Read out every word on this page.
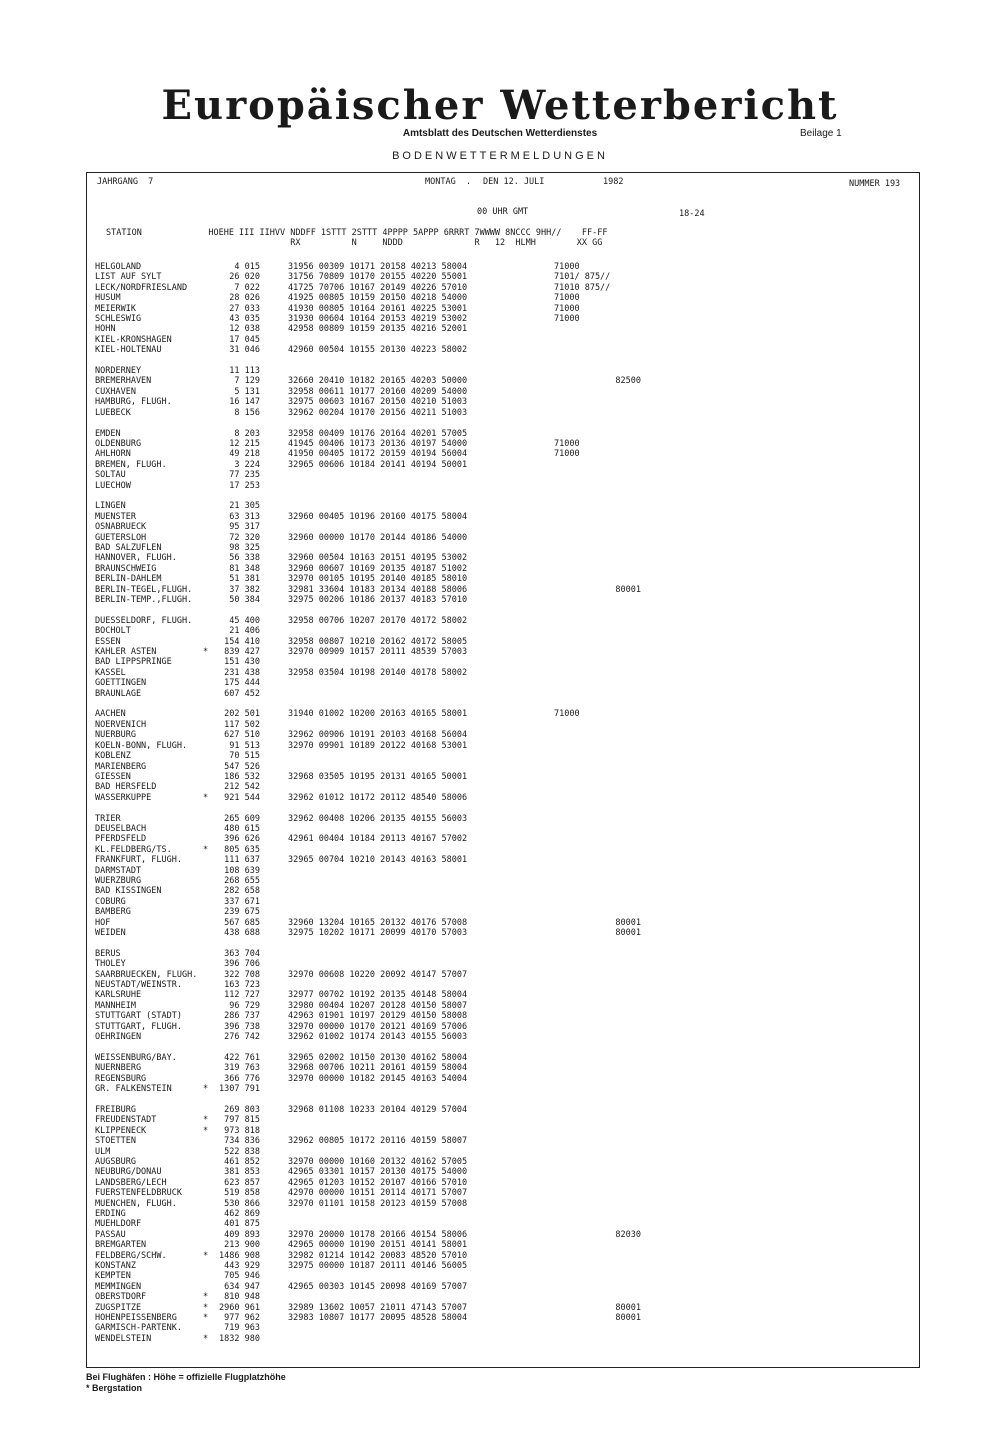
Europäischer Wetterbericht
Amtsblatt des Deutschen Wetterdienstes	Beilage 1
BODENWETTERMELDUNGEN
JAHRGANG  7	MONTAG  . DEN 12. JULI	1982	NUMMER 193
00 UHR GMT	18-24
STATION             HOEHE III IIHVV NDDFF 1STTT 2STTT 4PPPP 5APPP 6RRRT 7WWWW 8NCCC 9HH//    FF-FF
RX          N     NDDD              R   12  HLMH        XX GG
HELGOLAND	4 015	31956 00309 10171 20158 40213 58004	71000
LIST AUF SYLT	26 020	31756 70809 10170 20155 40220 55001	7101/ 875//
LECK/NORDFRIESLAND	7 022	41725 70706 10167 20149 40226 57010	71010 875//
HUSUM	28 026	41925 00805 10159 20150 40218 54000	71000
MEIERWIK	27 033	41930 00805 10164 20161 40225 53001	71000
SCHLESWIG	43 035	31930 00604 10164 20153 40219 53002	71000
HOHN	12 038	42958 00809 10159 20135 40216 52001
KIEL-KRONSHAGEN	17 045
KIEL-HOLTENAU	31 046	42960 00504 10155 20130 40223 58002
NORDERNEY	11 113
BREMERHAVEN	7 129	32660 20410 10182 20165 40203 50000	82500
CUXHAVEN	5 131	32958 00611 10177 20160 40209 54000
HAMBURG, FLUGH.	16 147	32975 00603 10167 20150 40210 51003
LUEBECK	8 156	32962 00204 10170 20156 40211 51003
EMDEN	8 203	32958 00409 10176 20164 40201 57005
OLDENBURG	12 215	41945 00406 10173 20136 40197 54000	71000
AHLHORN	49 218	41950 00405 10172 20159 40194 56004	71000
BREMEN, FLUGH.	3 224	32965 00606 10184 20141 40194 50001
SOLTAU	77 235
LUECHOW	17 253
LINGEN	21 305
MUENSTER	63 313	32960 00405 10196 20160 40175 58004
OSNABRUECK	95 317
GUETERSLOH	72 320	32960 00000 10170 20144 40186 54000
BAD SALZUFLEN	98 325
HANNOVER, FLUGH.	56 338	32960 00504 10163 20151 40195 53002
BRAUNSCHWEIG	81 348	32960 00607 10169 20135 40187 51002
BERLIN-DAHLEM	51 381	32970 00105 10195 20140 40185 58010
BERLIN-TEGEL,FLUGH.	37 382	32981 33604 10183 20134 40188 58006	80001
BERLIN-TEMP.,FLUGH.	50 384	32975 00206 10186 20137 40183 57010
DUESSELDORF, FLUGH.	45 400	32958 00706 10207 20170 40172 58002
BOCHOLT	21 406
ESSEN	154 410	32958 00807 10210 20162 40172 58005
KAHLER ASTEN	* 839 427	32970 00909 10157 20111 48539 57003
BAD LIPPSPRINGE	151 430
KASSEL	231 438	32958 03504 10198 20140 40178 58002
GOETTINGEN	175 444
BRAUNLAGE	607 452
AACHEN	202 501	31940 01002 10200 20163 40165 58001	71000
NOERVENICH	117 502
NUERBURG	627 510	32962 00906 10191 20103 40168 56004
KOELN-BONN, FLUGH.	91 513	32970 09901 10189 20122 40168 53001
KOBLENZ	70 515
MARIENBERG	547 526
GIESSEN	186 532	32968 03505 10195 20131 40165 50001
BAD HERSFELD	212 542
WASSERKUPPE	* 921 544	32962 01012 10172 20112 48540 58006
TRIER	265 609	32962 00408 10206 20135 40155 56003
DEUSELBACH	480 615
PFERDSFELD	396 626	42961 00404 10184 20113 40167 57002
KL.FELDBERG/TS.	* 805 635
FRANKFURT, FLUGH.	111 637	32965 00704 10210 20143 40163 58001
DARMSTADT	108 639
WUERZBURG	268 655
BAD KISSINGEN	282 658
COBURG	337 671
BAMBERG	239 675
HOF	567 685	32960 13204 10165 20132 40176 57008	80001
WEIDEN	438 688	32975 10202 10171 20099 40170 57003	80001
BERUS	363 704
THOLEY	396 706
SAARBRUECKEN, FLUGH.	322 708	32970 00608 10220 20092 40147 57007
NEUSTADT/WEINSTR.	163 723
KARLSRUHE	112 727	32977 00702 10192 20135 40148 58004
MANNHEIM	96 729	32980 00404 10207 20128 40150 58007
STUTTGART (STADT)	286 737	42963 01901 10197 20129 40150 58008
STUTTGART, FLUGH.	396 738	32970 00000 10170 20121 40169 57006
OEHRINGEN	276 742	32962 01002 10174 20143 40155 56003
WEISSENBURG/BAY.	422 761	32965 02002 10150 20130 40162 58004
NUERNBERG	319 763	32968 00706 10211 20161 40159 58004
REGENSBURG	366 776	32970 00000 10182 20145 40163 54004
GR. FALKENSTEIN	* 1307 791
FREIBURG	269 803	32968 01108 10233 20104 40129 57004
FREUDENSTADT	* 797 815
KLIPPENECK	* 973 818
STOETTEN	734 836	32962 00805 10172 20116 40159 58007
ULM	522 838
AUGSBURG	461 852	32970 00000 10160 20132 40162 57005
NEUBURG/DONAU	381 853	42965 03301 10157 20130 40175 54000
LANDSBERG/LECH	623 857	42965 01203 10152 20107 40166 57010
FUERSTENFELDBRUCK	519 858	42970 00000 10151 20114 40171 57007
MUENCHEN, FLUGH.	530 866	32970 01101 10158 20123 40159 57008
ERDING	462 869
MUEHLDORF	401 875
PASSAU	409 893	32970 20000 10178 20166 40154 58006	82030
BREMGARTEN	213 900	42965 00000 10190 20151 40141 58001
FELDBERG/SCHW.	* 1486 908	32982 01214 10142 20083 48520 57010
KONSTANZ	443 929	32975 00000 10187 20111 40146 56005
KEMPTEN	705 946
MEMMINGEN	634 947	42965 00303 10145 20098 40169 57007
OBERSTDORF	* 810 948
ZUGSPITZE	* 2960 961	32989 13602 10057 21011 47143 57007	80001
HOHENPEISSENBERG	* 977 962	32983 10807 10177 20095 48528 58004	80001
GARMISCH-PARTENK.	719 963
WENDELSTEIN	* 1832 980
Bei Flughäfen : Höhe = offizielle Flugplatzhöhe
* Bergstation
